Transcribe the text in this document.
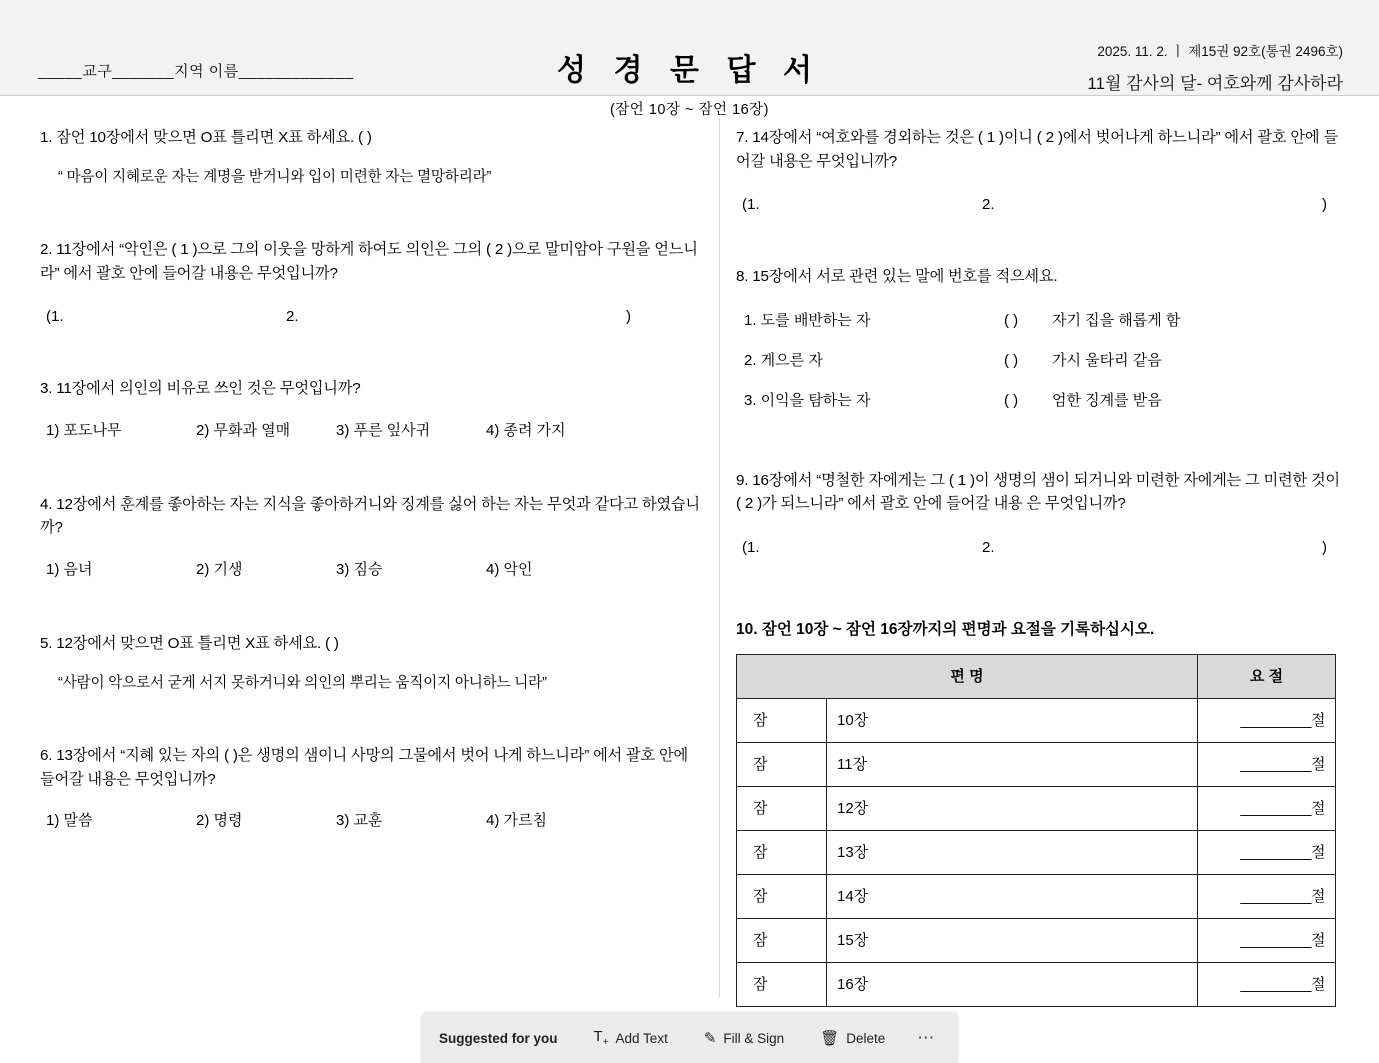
_____교구_______지역 이름_____________	성 경 문 답 서
2025. 11. 2. ㅣ 제15권 92호(통권 2496호)
11월 감사의 달- 여호와께 감사하라
(잠언 10장 ~ 잠언 16장)
1. 잠언 10장에서 맞으면 O표 틀리면 X표 하세요. ( )
“ 마음이 지혜로운 자는 계명을 받거니와 입이 미련한 자는 멸망하리라”
2. 11장에서 “악인은 ( 1 )으로 그의 이웃을 망하게 하여도 의인은 그의 ( 2 )으로 말미암아 구원을 얻느니라” 에서 괄호 안에 들어갈 내용은 무엇입니까?
(1.	2.	)
3. 11장에서 의인의 비유로 쓰인 것은 무엇입니까?
1) 포도나무	2) 무화과 열매	3) 푸른 잎사귀	4) 종려 가지
4. 12장에서 훈계를 좋아하는 자는 지식을 좋아하거니와 징계를 싫어 하는 자는 무엇과 같다고 하였습니까?
1) 음녀	2) 기생	3) 짐승	4) 악인
5. 12장에서 맞으면 O표 틀리면 X표 하세요. ( )
“사람이 악으로서 굳게 서지 못하거니와 의인의 뿌리는 움직이지 아니하느 니라”
6. 13장에서 “지혜 있는 자의 ( )은 생명의 샘이니 사망의 그물에서 벗어 나게 하느니라” 에서 괄호 안에 들어갈 내용은 무엇입니까?
1) 말씀	2) 명령	3) 교훈	4) 가르침
7. 14장에서 “여호와를 경외하는 것은 ( 1 )이니 ( 2 )에서 벗어나게 하느니라” 에서 괄호 안에 들어갈 내용은 무엇입니까?
(1.	2.	)
8. 15장에서 서로 관련 있는 말에 번호를 적으세요.
1. 도를 배반하는 자	( ) 자기 집을 해롭게 함
2. 게으른 자	( ) 가시 울타리 같음
3. 이익을 탐하는 자	( ) 엄한 징계를 받음
9. 16장에서 “명철한 자에게는 그 ( 1 )이 생명의 샘이 되거니와 미련한 자에게는 그 미련한 것이 ( 2 )가 되느니라” 에서 괄호 안에 들어갈 내용 은 무엇입니까?
(1.	2.	)
10. 잠언 10장 ~ 잠언 16장까지의 편명과 요절을 기록하십시오.
편 명		요 절
잠	10장	_________절
잠	11장	_________절
잠	12장	_________절
잠	13장	_________절
잠	14장	_________절
잠	15장	_________절
잠	16장	_________절
Suggested for you $T_+$ Add Text ✎ Fill & Sign 🗑 Delete ⋯
